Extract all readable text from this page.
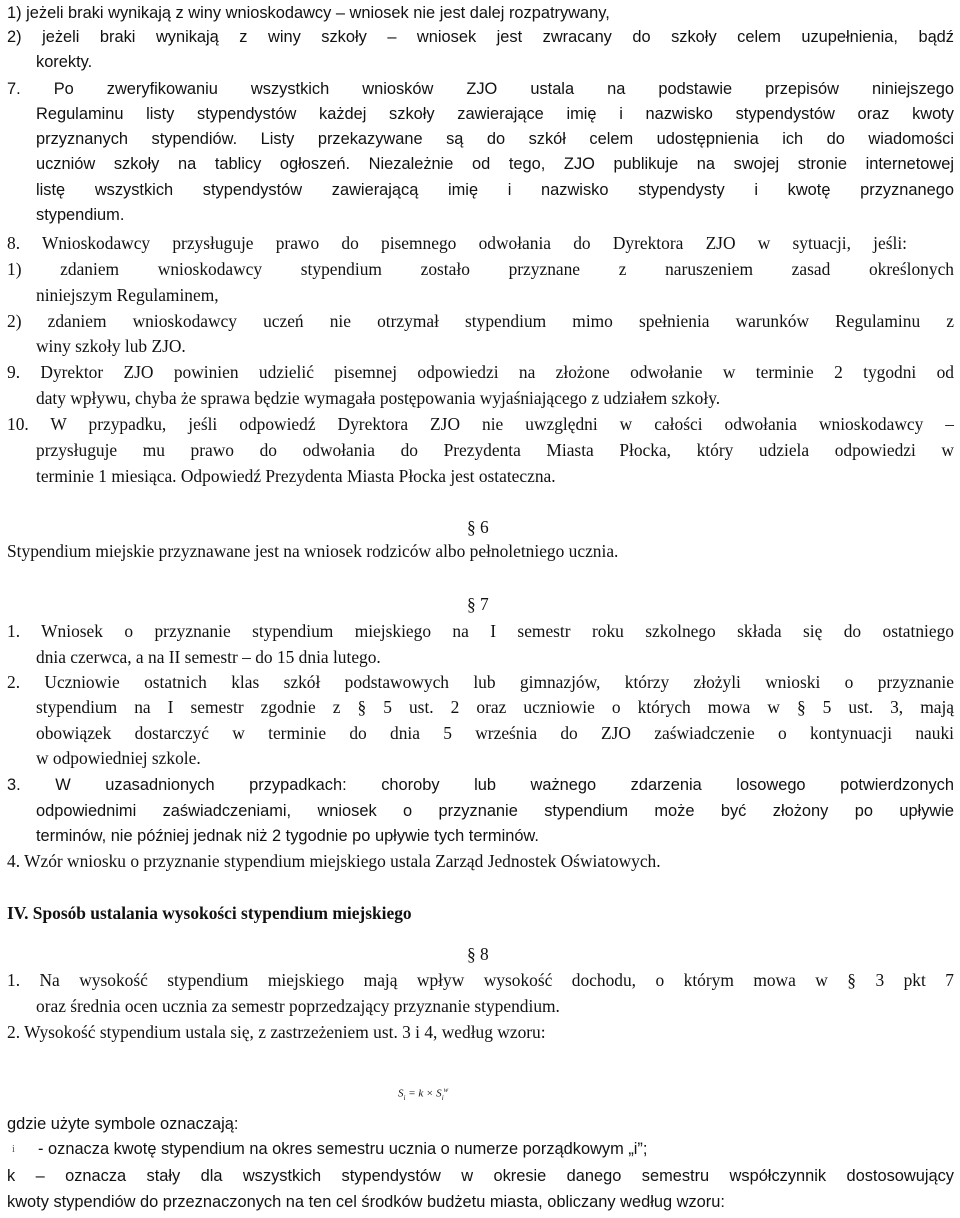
1) jeżeli braki wynikają z winy wnioskodawcy – wniosek nie jest dalej rozpatrywany,

2) jeżeli braki wynikają z winy szkoły – wniosek jest zwracany do szkoły celem uzupełnienia, bądź

korekty.

7. Po zweryfikowaniu wszystkich wniosków ZJO ustala na podstawie przepisów niniejszego

Regulaminu listy stypendystów każdej szkoły zawierające imię i nazwisko stypendystów oraz kwoty

przyznanych stypendiów. Listy przekazywane są do szkół celem udostępnienia ich do wiadomości

uczniów szkoły na tablicy ogłoszeń. Niezależnie od tego, ZJO publikuje na swojej stronie internetowej

listę wszystkich stypendystów zawierającą imię i nazwisko stypendysty i kwotę przyznanego

stypendium.

8. Wnioskodawcy przysługuje prawo do pisemnego odwołania do Dyrektora ZJO w sytuacji, jeśli:

1) zdaniem wnioskodawcy stypendium zostało przyznane z naruszeniem zasad określonych

niniejszym Regulaminem,

2) zdaniem wnioskodawcy uczeń nie otrzymał stypendium mimo spełnienia warunków Regulaminu z

winy szkoły lub ZJO.

9. Dyrektor ZJO powinien udzielić pisemnej odpowiedzi na złożone odwołanie w terminie 2 tygodni od

daty wpływu, chyba że sprawa będzie wymagała postępowania wyjaśniającego z udziałem szkoły.

10. W przypadku, jeśli odpowiedź Dyrektora ZJO nie uwzględni w całości odwołania wnioskodawcy –

przysługuje mu prawo do odwołania do Prezydenta Miasta Płocka, który udziela odpowiedzi w

terminie 1 miesiąca. Odpowiedź Prezydenta Miasta Płocka jest ostateczna.

§ 6

Stypendium miejskie przyznawane jest na wniosek rodziców albo pełnoletniego ucznia.

§ 7

1. Wniosek o przyznanie stypendium miejskiego na I semestr roku szkolnego składa się do ostatniego

dnia czerwca, a na II semestr – do 15 dnia lutego.

2. Uczniowie ostatnich klas szkół podstawowych lub gimnazjów, którzy złożyli wnioski o przyznanie

stypendium na I semestr zgodnie z § 5 ust. 2 oraz uczniowie o których mowa w § 5 ust. 3, mają

obowiązek dostarczyć w terminie do dnia 5 września do ZJO zaświadczenie o kontynuacji nauki

w odpowiedniej szkole.

3. W uzasadnionych przypadkach: choroby lub ważnego zdarzenia losowego potwierdzonych

odpowiednimi zaświadczeniami, wniosek o przyznanie stypendium może być złożony po upływie

terminów, nie później jednak niż 2 tygodnie po upływie tych terminów.

4. Wzór wniosku o przyznanie stypendium miejskiego ustala Zarząd Jednostek Oświatowych.

IV. Sposób ustalania wysokości stypendium miejskiego

§ 8

1. Na wysokość stypendium miejskiego mają wpływ wysokość dochodu, o którym mowa w § 3 pkt 7

oraz średnia ocen ucznia za semestr poprzedzający przyznanie stypendium.

2. Wysokość stypendium ustala się, z zastrzeżeniem ust. 3 i 4, według wzoru:

$S_i = k \times S_i^w$

gdzie użyte symbole oznaczają:

i - oznacza kwotę stypendium na okres semestru ucznia o numerze porządkowym „i”;

k – oznacza stały dla wszystkich stypendystów w okresie danego semestru współczynnik dostosowujący

kwoty stypendiów do przeznaczonych na ten cel środków budżetu miasta, obliczany według wzoru:
